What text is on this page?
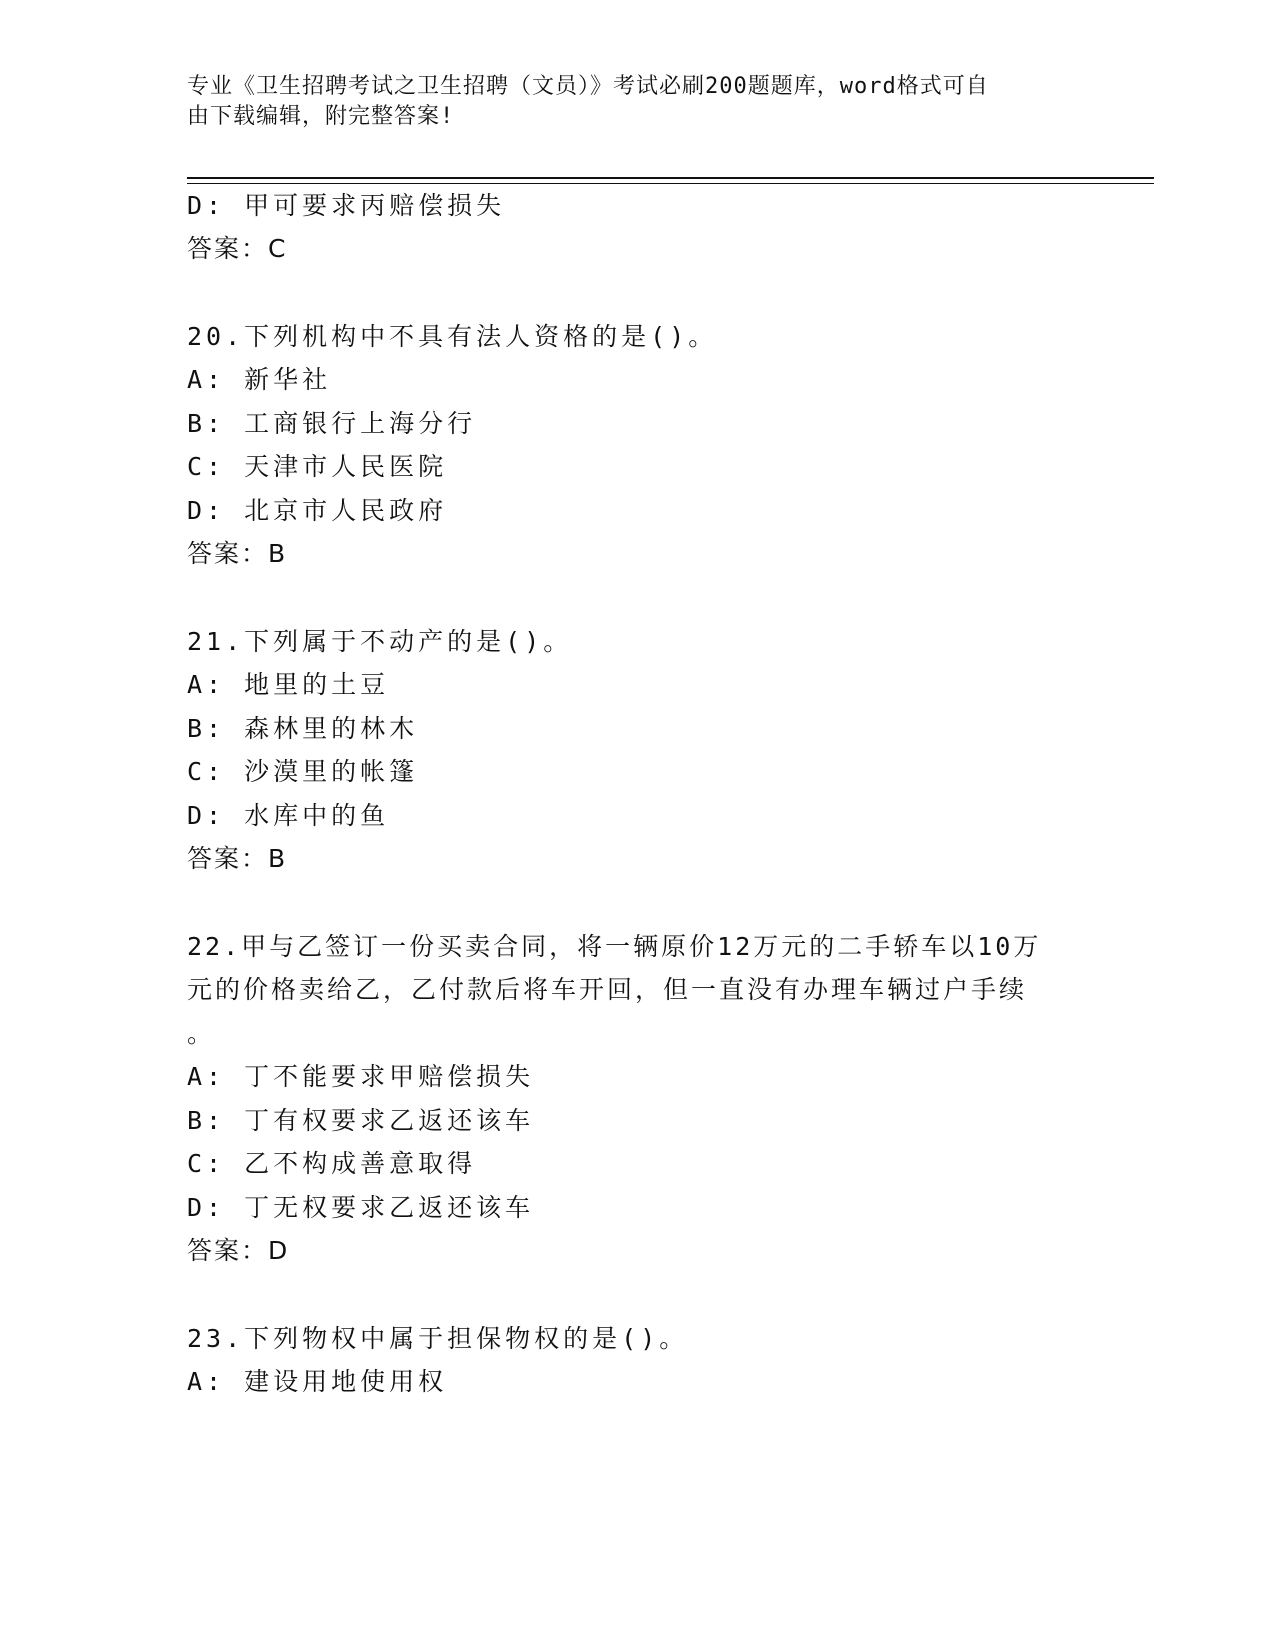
专业《卫生招聘考试之卫生招聘（文员）》考试必刷200题题库，word格式可自
由下载编辑，附完整答案!
D: 甲可要求丙赔偿损失
答案：C
20.下列机构中不具有法人资格的是()。
A: 新华社
B: 工商银行上海分行
C: 天津市人民医院
D: 北京市人民政府
答案：B
21.下列属于不动产的是()。
A: 地里的土豆
B: 森林里的林木
C: 沙漠里的帐篷
D: 水库中的鱼
答案：B
22.甲与乙签订一份买卖合同，将一辆原价12万元的二手轿车以10万
元的价格卖给乙，乙付款后将车开回，但一直没有办理车辆过户手续
。
A: 丁不能要求甲赔偿损失
B: 丁有权要求乙返还该车
C: 乙不构成善意取得
D: 丁无权要求乙返还该车
答案：D
23.下列物权中属于担保物权的是()。
A: 建设用地使用权
